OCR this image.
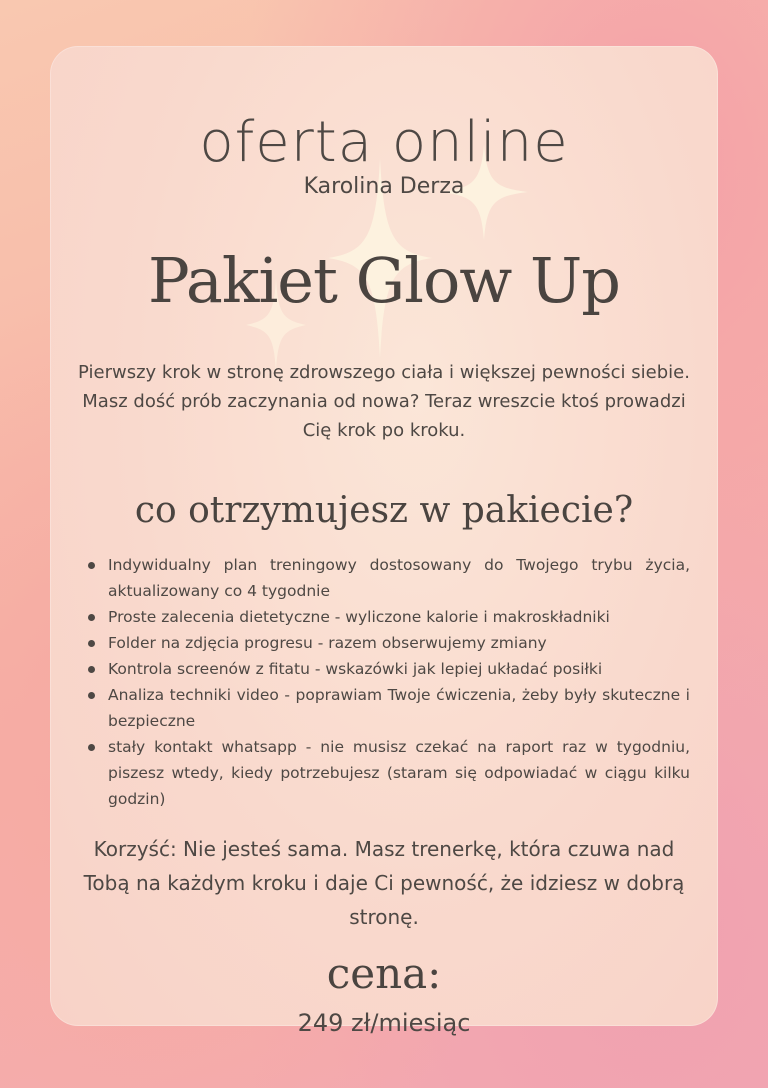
oferta online
Karolina Derza
Pakiet Glow Up
Pierwszy krok w stronę zdrowszego ciała i większej pewności siebie. Masz dość prób zaczynania od nowa? Teraz wreszcie ktoś prowadzi Cię krok po kroku.
co otrzymujesz w pakiecie?
Indywidualny plan treningowy dostosowany do Twojego trybu życia, aktualizowany co 4 tygodnie
Proste zalecenia dietetyczne - wyliczone kalorie i makroskładniki
Folder na zdjęcia progresu - razem obserwujemy zmiany
Kontrola screenów z fitatu - wskazówki jak lepiej układać posiłki
Analiza techniki video - poprawiam Twoje ćwiczenia, żeby były skuteczne i bezpieczne
stały kontakt whatsapp - nie musisz czekać na raport raz w tygodniu, piszesz wtedy, kiedy potrzebujesz (staram się odpowiadać w ciągu kilku godzin)
Korzyść: Nie jesteś sama. Masz trenerkę, która czuwa nad Tobą na każdym kroku i daje Ci pewność, że idziesz w dobrą stronę.
cena:
249 zł/miesiąc
